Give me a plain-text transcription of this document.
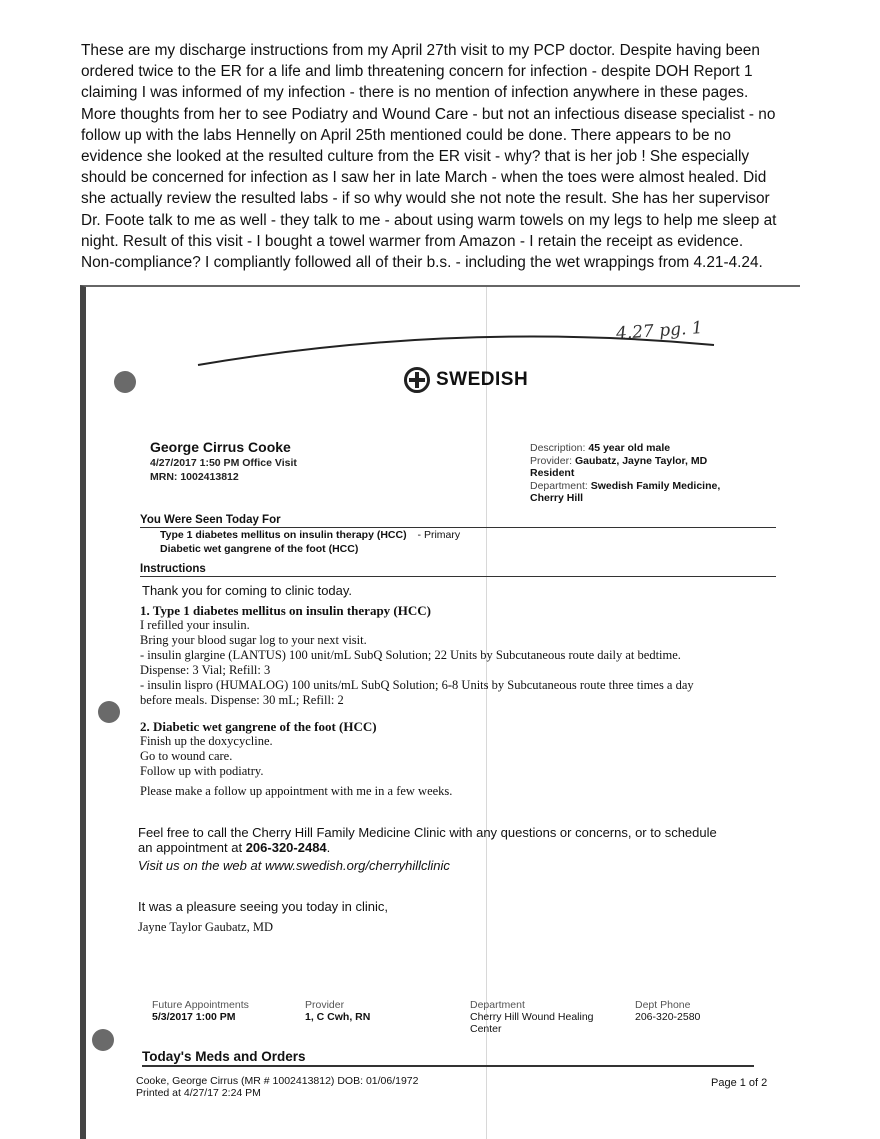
These are my discharge instructions from my April 27th visit to my PCP doctor. Despite having been
ordered twice to the ER for a life and limb threatening concern for infection - despite DOH Report 1
claiming I was informed of my infection - there is no mention of infection anywhere in these pages.
More thoughts from her to see Podiatry and Wound Care - but not an infectious disease specialist - no
follow up with the labs Hennelly on April 25th mentioned could be done. There appears to be no
evidence she looked at the resulted culture from the ER visit - why? that is her job ! She especially
should be concerned for infection as I saw her in late March - when the toes were almost healed. Did
she actually review the resulted labs - if so why would she not note the result. She has her supervisor
Dr. Foote talk to me as well - they talk to me - about using warm towels on my legs to help me sleep at
night. Result of this visit - I bought a towel warmer from Amazon - I retain the receipt as evidence.
Non-compliance? I compliantly followed all of their b.s. - including the wet wrappings from 4.21-4.24.
4.27 pg. 1
SWEDISH
George Cirrus Cooke
4/27/2017 1:50 PM Office Visit
MRN: 1002413812
Description: 45 year old male
Provider: Gaubatz, Jayne Taylor, MD
Resident
Department: Swedish Family Medicine,
Cherry Hill
You Were Seen Today For
Type 1 diabetes mellitus on insulin therapy (HCC) - Primary
Diabetic wet gangrene of the foot (HCC)
Instructions
Thank you for coming to clinic today.
1. Type 1 diabetes mellitus on insulin therapy (HCC)
I refilled your insulin.
Bring your blood sugar log to your next visit.
- insulin glargine (LANTUS) 100 unit/mL SubQ Solution; 22 Units by Subcutaneous route daily at bedtime.
Dispense: 3 Vial; Refill: 3
- insulin lispro (HUMALOG) 100 units/mL SubQ Solution; 6-8 Units by Subcutaneous route three times a day
before meals. Dispense: 30 mL; Refill: 2
2. Diabetic wet gangrene of the foot (HCC)
Finish up the doxycycline.
Go to wound care.
Follow up with podiatry.
Please make a follow up appointment with me in a few weeks.
Feel free to call the Cherry Hill Family Medicine Clinic with any questions or concerns, or to schedule
an appointment at 206-320-2484.
Visit us on the web at www.swedish.org/cherryhillclinic
It was a pleasure seeing you today in clinic,
Jayne Taylor Gaubatz, MD
Future Appointments
5/3/2017 1:00 PM
Provider
1, C Cwh, RN
Department
Cherry Hill Wound Healing
Center
Dept Phone
206-320-2580
Today's Meds and Orders
Cooke, George Cirrus (MR # 1002413812) DOB: 01/06/1972
Printed at 4/27/17 2:24 PM
Page 1 of 2
